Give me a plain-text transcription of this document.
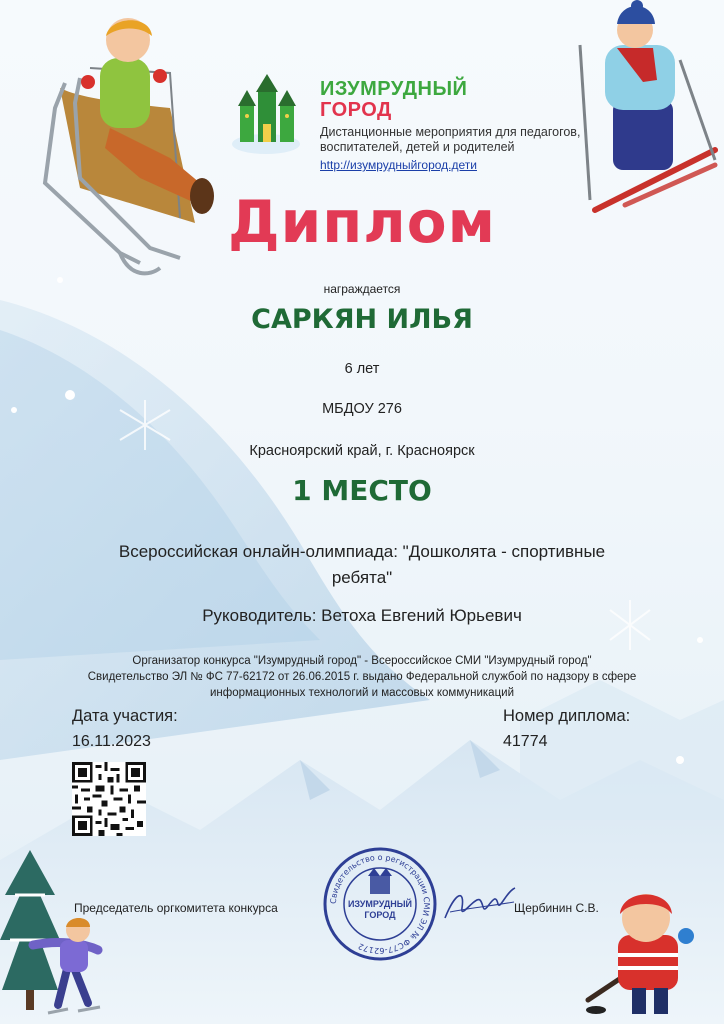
ИЗУМРУДНЫЙ
ГОРОД
Дистанционные мероприятия для педагогов,
воспитателей, детей и родителей
http://изумрудныйгород.дети
Диплом
награждается
САРКЯН ИЛЬЯ
6 лет
МБДОУ 276
Красноярский край, г. Красноярск
1 МЕСТО
Всероссийская онлайн-олимпиада: "Дошколята - спортивные
ребята"
Руководитель: Ветоха Евгений Юрьевич
Организатор конкурса "Изумрудный город" - Всероссийское СМИ "Изумрудный город"
Свидетельство ЭЛ № ФС 77-62172 от 26.06.2015 г. выдано Федеральной службой по надзору в сфере
информационных технологий и массовых коммуникаций
Дата участия:
16.11.2023
Номер диплома:
41774
Председатель оргкомитета конкурса	Свидетельство о регистрации СМИ ЭЛ № ФС77-62172
ИЗУМРУДНЫЙ
ГОРОД	Щербинин С.В.
